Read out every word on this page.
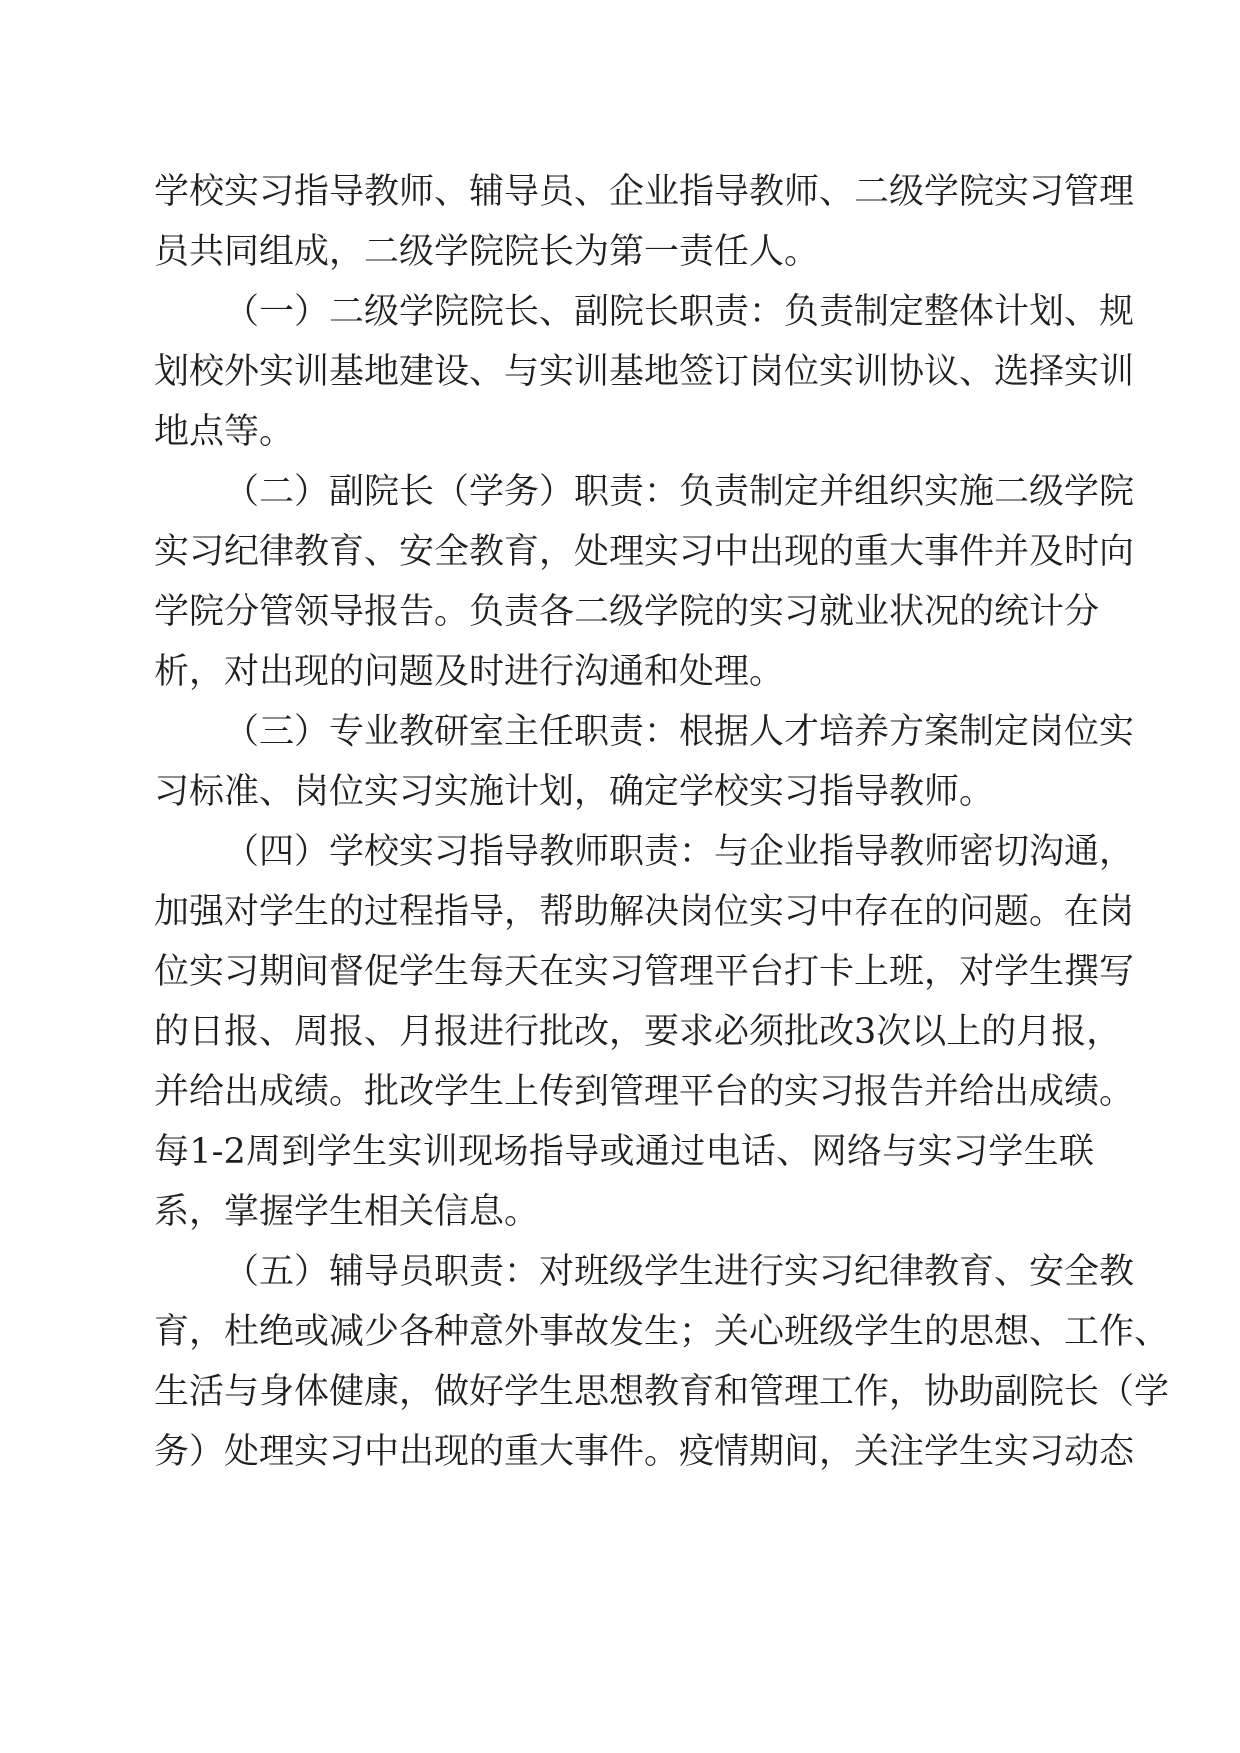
学校实习指导教师、辅导员、企业指导教师、二级学院实习管理
员共同组成，二级学院院长为第一责任人。
（一）二级学院院长、副院长职责：负责制定整体计划、规
划校外实训基地建设、与实训基地签订岗位实训协议、选择实训
地点等。
（二）副院长（学务）职责：负责制定并组织实施二级学院
实习纪律教育、安全教育，处理实习中出现的重大事件并及时向
学院分管领导报告。负责各二级学院的实习就业状况的统计分
析，对出现的问题及时进行沟通和处理。
（三）专业教研室主任职责：根据人才培养方案制定岗位实
习标准、岗位实习实施计划，确定学校实习指导教师。
（四）学校实习指导教师职责：与企业指导教师密切沟通，
加强对学生的过程指导，帮助解决岗位实习中存在的问题。在岗
位实习期间督促学生每天在实习管理平台打卡上班，对学生撰写
的日报、周报、月报进行批改，要求必须批改3次以上的月报，
并给出成绩。批改学生上传到管理平台的实习报告并给出成绩。
每1-2周到学生实训现场指导或通过电话、网络与实习学生联
系，掌握学生相关信息。
（五）辅导员职责：对班级学生进行实习纪律教育、安全教
育，杜绝或减少各种意外事故发生；关心班级学生的思想、工作、
生活与身体健康，做好学生思想教育和管理工作，协助副院长（学
务）处理实习中出现的重大事件。疫情期间，关注学生实习动态
